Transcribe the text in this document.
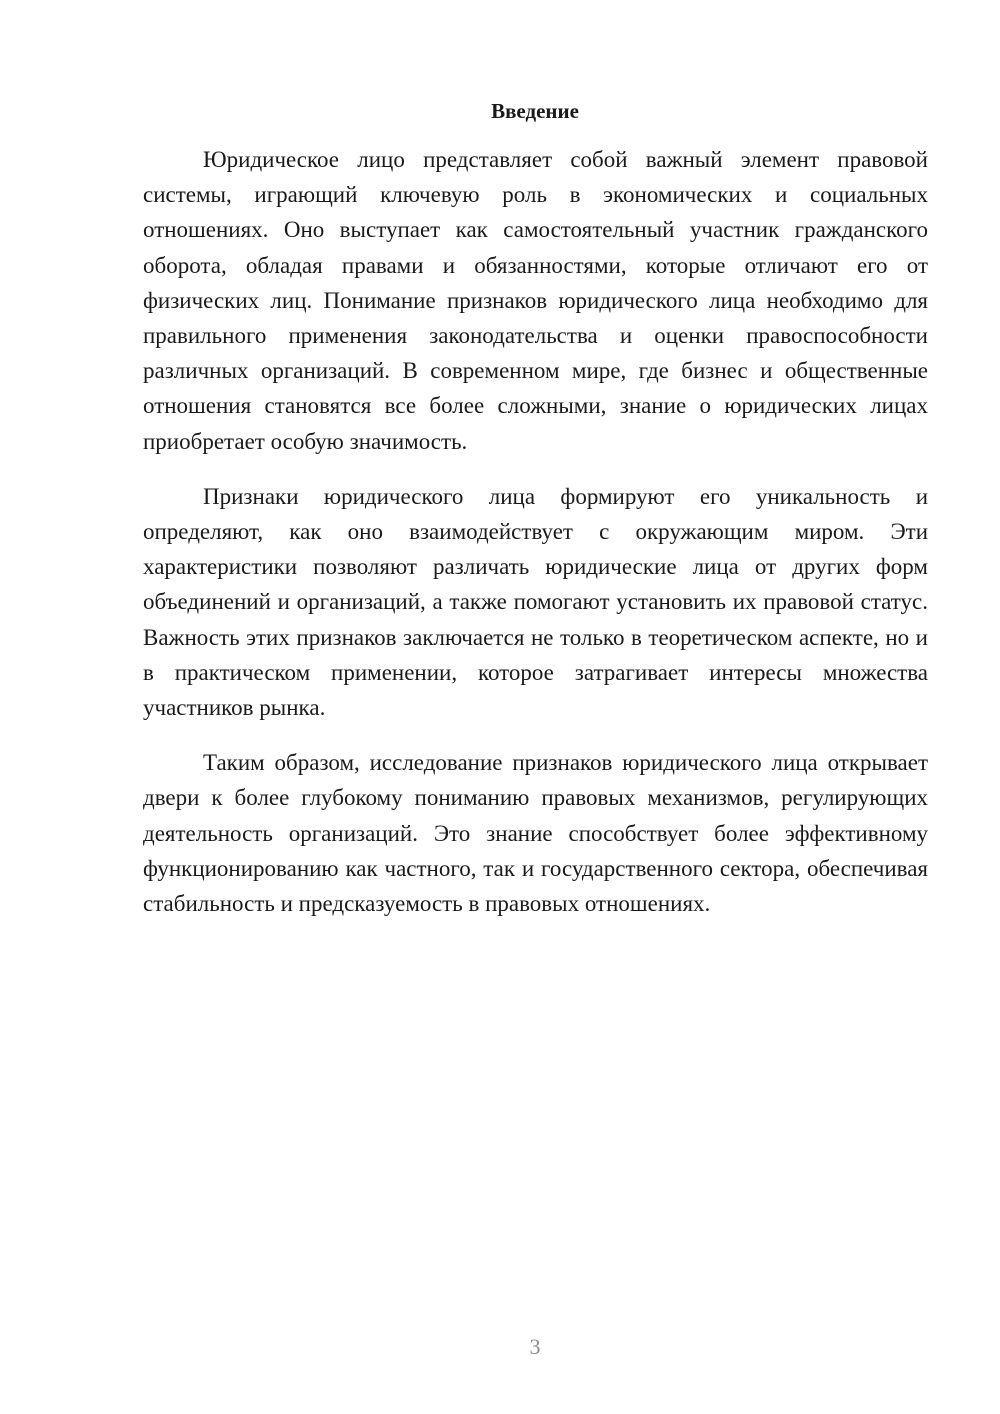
Введение

Юридическое лицо представляет собой важный элемент правовой системы, играющий ключевую роль в экономических и социальных отношениях. Оно выступает как самостоятельный участник гражданского оборота, обладая правами и обязанностями, которые отличают его от физических лиц. Понимание признаков юридического лица необходимо для правильного применения законодательства и оценки правоспособности различных организаций. В современном мире, где бизнес и общественные отношения становятся все более сложными, знание о юридических лицах приобретает особую значимость.

Признаки юридического лица формируют его уникальность и определяют, как оно взаимодействует с окружающим миром. Эти характеристики позволяют различать юридические лица от других форм объединений и организаций, а также помогают установить их правовой статус. Важность этих признаков заключается не только в теоретическом аспекте, но и в практическом применении, которое затрагивает интересы множества участников рынка.

Таким образом, исследование признаков юридического лица открывает двери к более глубокому пониманию правовых механизмов, регулирующих деятельность организаций. Это знание способствует более эффективному функционированию как частного, так и государственного сектора, обеспечивая стабильность и предсказуемость в правовых отношениях.

3
